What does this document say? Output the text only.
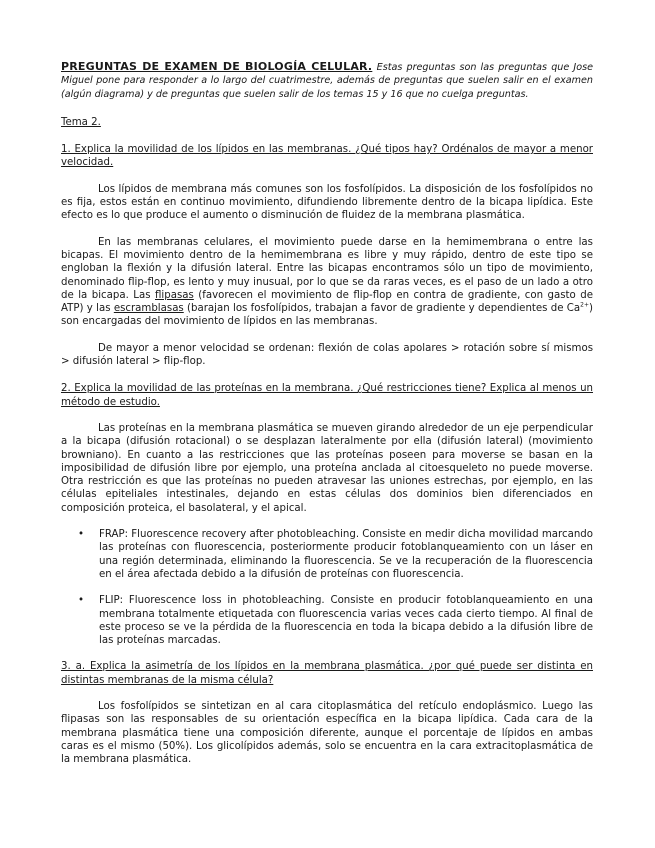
PREGUNTAS DE EXAMEN DE BIOLOGÍA CELULAR. Estas preguntas son las preguntas que Jose Miguel pone para responder a lo largo del cuatrimestre, además de preguntas que suelen salir en el examen (algún diagrama) y de preguntas que suelen salir de los temas 15 y 16 que no cuelga preguntas.

Tema 2.

1. Explica la movilidad de los lípidos en las membranas. ¿Qué tipos hay? Ordénalos de mayor a menor velocidad.

Los lípidos de membrana más comunes son los fosfolípidos. La disposición de los fosfolípidos no es fija, estos están en continuo movimiento, difundiendo libremente dentro de la bicapa lipídica. Este efecto es lo que produce el aumento o disminución de fluidez de la membrana plasmática.

En las membranas celulares, el movimiento puede darse en la hemimembrana o entre las bicapas. El movimiento dentro de la hemimembrana es libre y muy rápido, dentro de este tipo se engloban la flexión y la difusión lateral. Entre las bicapas encontramos sólo un tipo de movimiento, denominado flip-flop, es lento y muy inusual, por lo que se da raras veces, es el paso de un lado a otro de la bicapa. Las flipasas (favorecen el movimiento de flip-flop en contra de gradiente, con gasto de ATP) y las escramblasas (barajan los fosfolípidos, trabajan a favor de gradiente y dependientes de $Ca^{2+}$) son encargadas del movimiento de lípidos en las membranas.

De mayor a menor velocidad se ordenan: flexión de colas apolares > rotación sobre sí mismos > difusión lateral > flip-flop.

2. Explica la movilidad de las proteínas en la membrana. ¿Qué restricciones tiene? Explica al menos un método de estudio.

Las proteínas en la membrana plasmática se mueven girando alrededor de un eje perpendicular a la bicapa (difusión rotacional) o se desplazan lateralmente por ella (difusión lateral) (movimiento browniano). En cuanto a las restricciones que las proteínas poseen para moverse se basan en la imposibilidad de difusión libre por ejemplo, una proteína anclada al citoesqueleto no puede moverse. Otra restricción es que las proteínas no pueden atravesar las uniones estrechas, por ejemplo, en las células epiteliales intestinales, dejando en estas células dos dominios bien diferenciados en composición proteica, el basolateral, y el apical.

• FRAP: Fluorescence recovery after photobleaching. Consiste en medir dicha movilidad marcando las proteínas con fluorescencia, posteriormente producir fotoblanqueamiento con un láser en una región determinada, eliminando la fluorescencia. Se ve la recuperación de la fluorescencia en el área afectada debido a la difusión de proteínas con fluorescencia.
• FLIP: Fluorescence loss in photobleaching. Consiste en producir fotoblanqueamiento en una membrana totalmente etiquetada con fluorescencia varias veces cada cierto tiempo. Al final de este proceso se ve la pérdida de la fluorescencia en toda la bicapa debido a la difusión libre de las proteínas marcadas.

3. a. Explica la asimetría de los lípidos en la membrana plasmática. ¿por qué puede ser distinta en distintas membranas de la misma célula?

Los fosfolípidos se sintetizan en al cara citoplasmática del retículo endoplásmico. Luego las flipasas son las responsables de su orientación específica en la bicapa lipídica. Cada cara de la membrana plasmática tiene una composición diferente, aunque el porcentaje de lípidos en ambas caras es el mismo (50%). Los glicolípidos además, solo se encuentra en la cara extracitoplasmática de la membrana plasmática.
